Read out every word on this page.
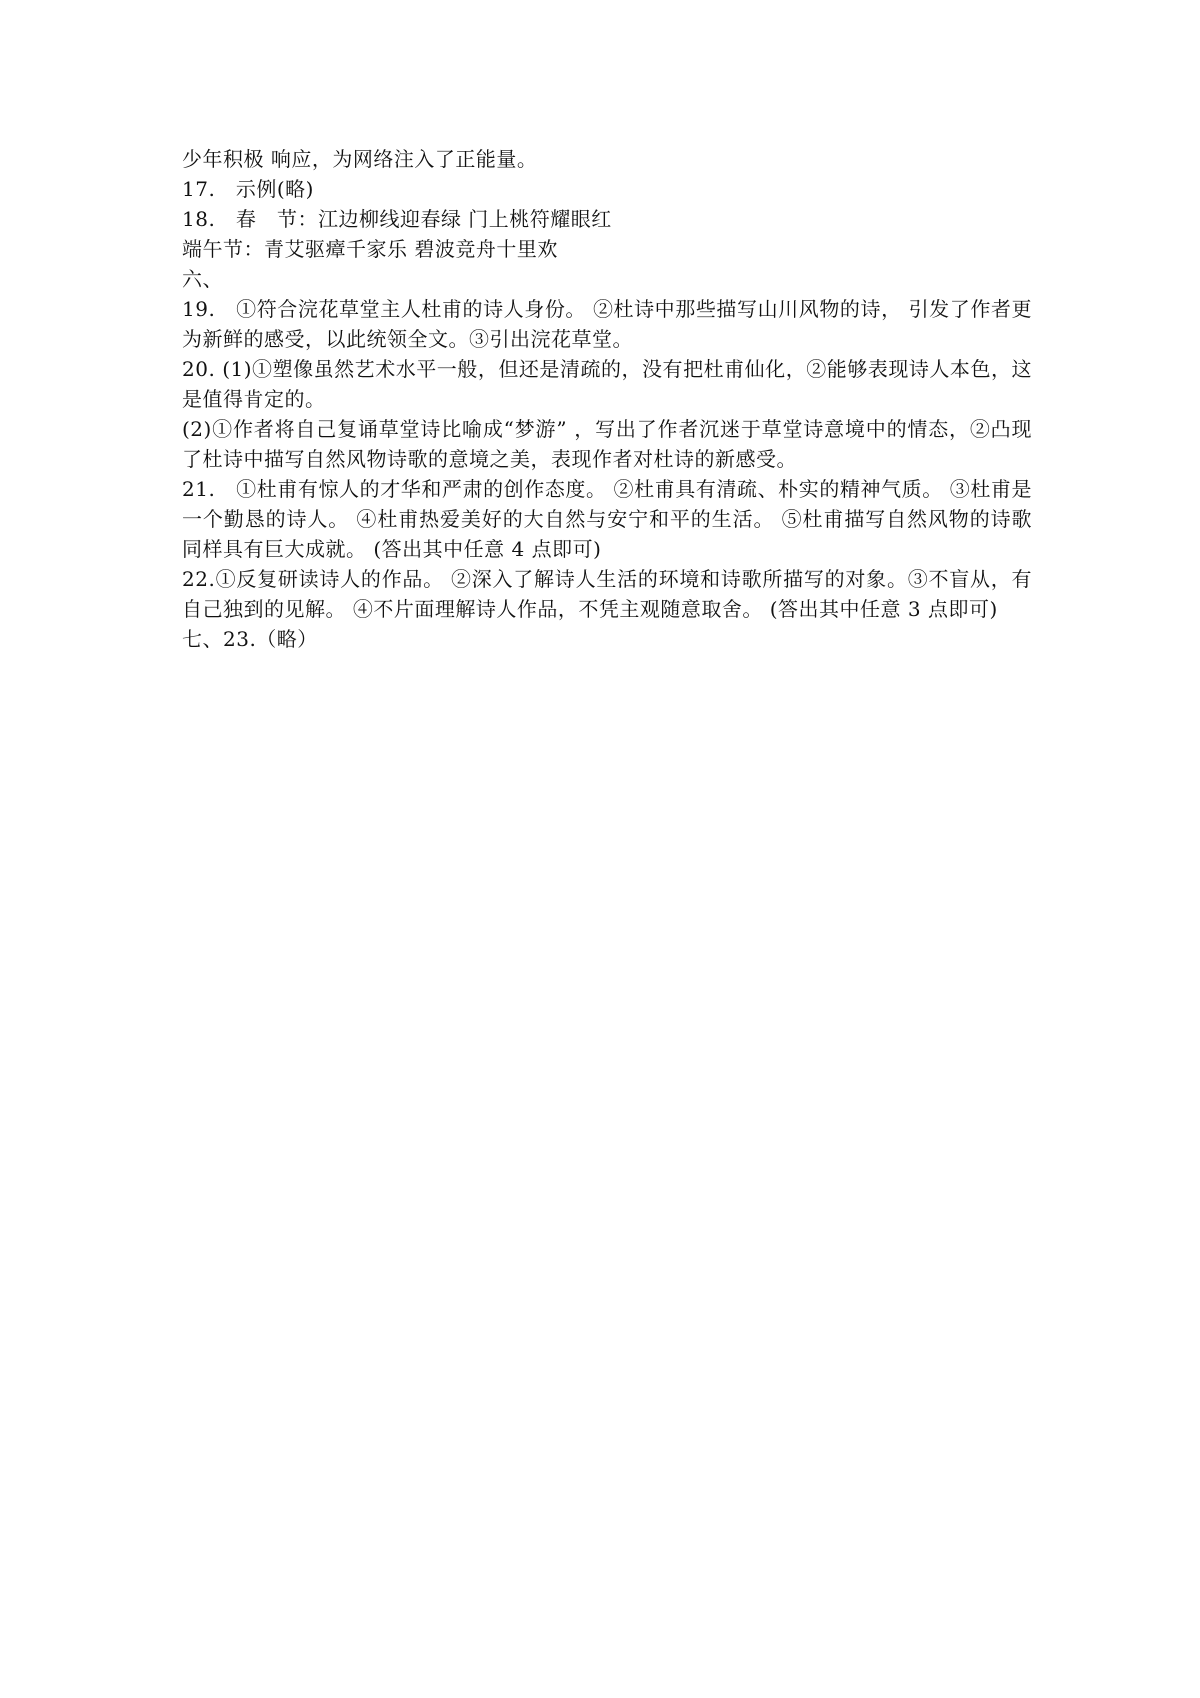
少年积极 响应，为网络注入了正能量。
17.   示例(略)
18.   春   节：江边柳线迎春绿 门上桃符耀眼红
端午节：青艾驱瘴千家乐 碧波竞舟十里欢
六、
19.   ①符合浣花草堂主人杜甫的诗人身份。 ②杜诗中那些描写山川风物的诗， 引发了作者更 为新鲜的感受，以此统领全文。③引出浣花草堂。
20. (1)①塑像虽然艺术水平一般，但还是清疏的，没有把杜甫仙化，②能够表现诗人本色，这是值得肯定的。
(2)①作者将自己复诵草堂诗比喻成“梦游” ，写出了作者沉迷于草堂诗意境中的情态，②凸现了杜诗中描写自然风物诗歌的意境之美，表现作者对杜诗的新感受。
21.   ①杜甫有惊人的才华和严肃的创作态度。 ②杜甫具有清疏、朴实的精神气质。 ③杜甫是一个勤恳的诗人。 ④杜甫热爱美好的大自然与安宁和平的生活。 ⑤杜甫描写自然风物的诗歌同样具有巨大成就。 (答出其中任意 4 点即可)
22.①反复研读诗人的作品。 ②深入了解诗人生活的环境和诗歌所描写的对象。③不盲从，有自己独到的见解。 ④不片面理解诗人作品，不凭主观随意取舍。 (答出其中任意 3 点即可)
七、23.（略）
